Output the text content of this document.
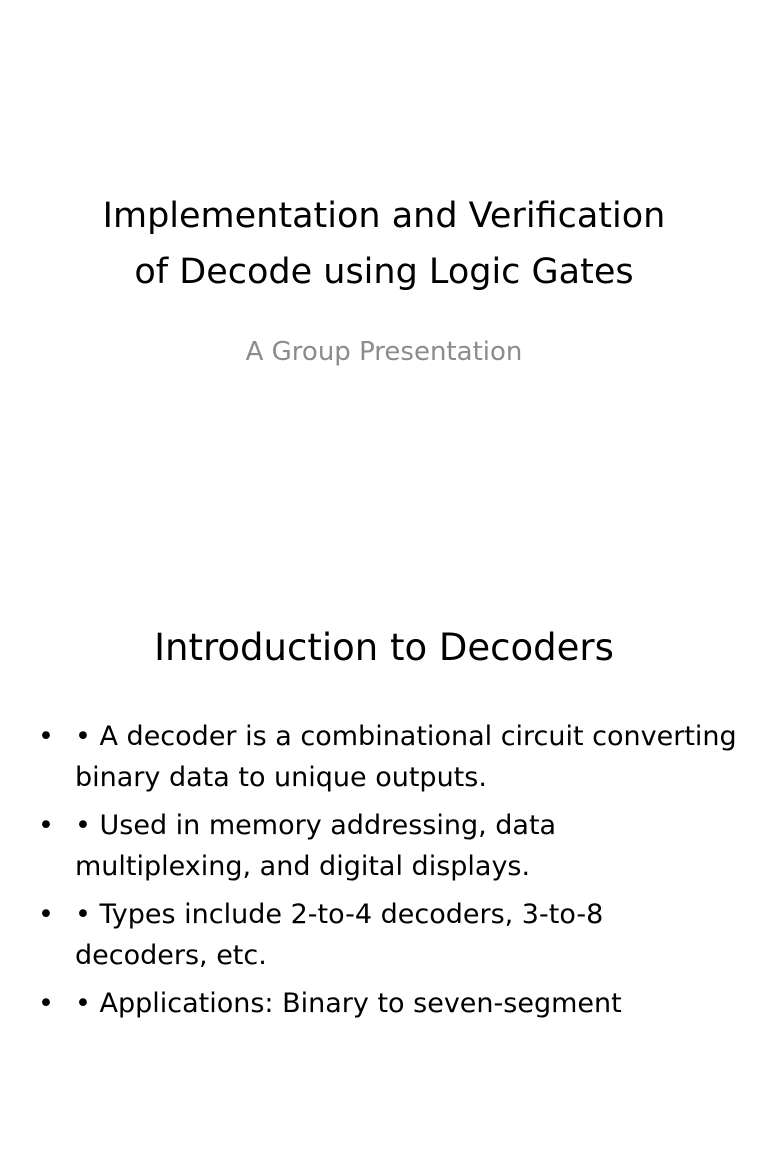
Implementation and Verification
of Decode using Logic Gates
A Group Presentation
Introduction to Decoders
• • A decoder is a combinational circuit converting binary data to unique outputs.
• • Used in memory addressing, data multiplexing, and digital displays.
• • Types include 2-to-4 decoders, 3-to-8 decoders, etc.
• • Applications: Binary to seven-segment
